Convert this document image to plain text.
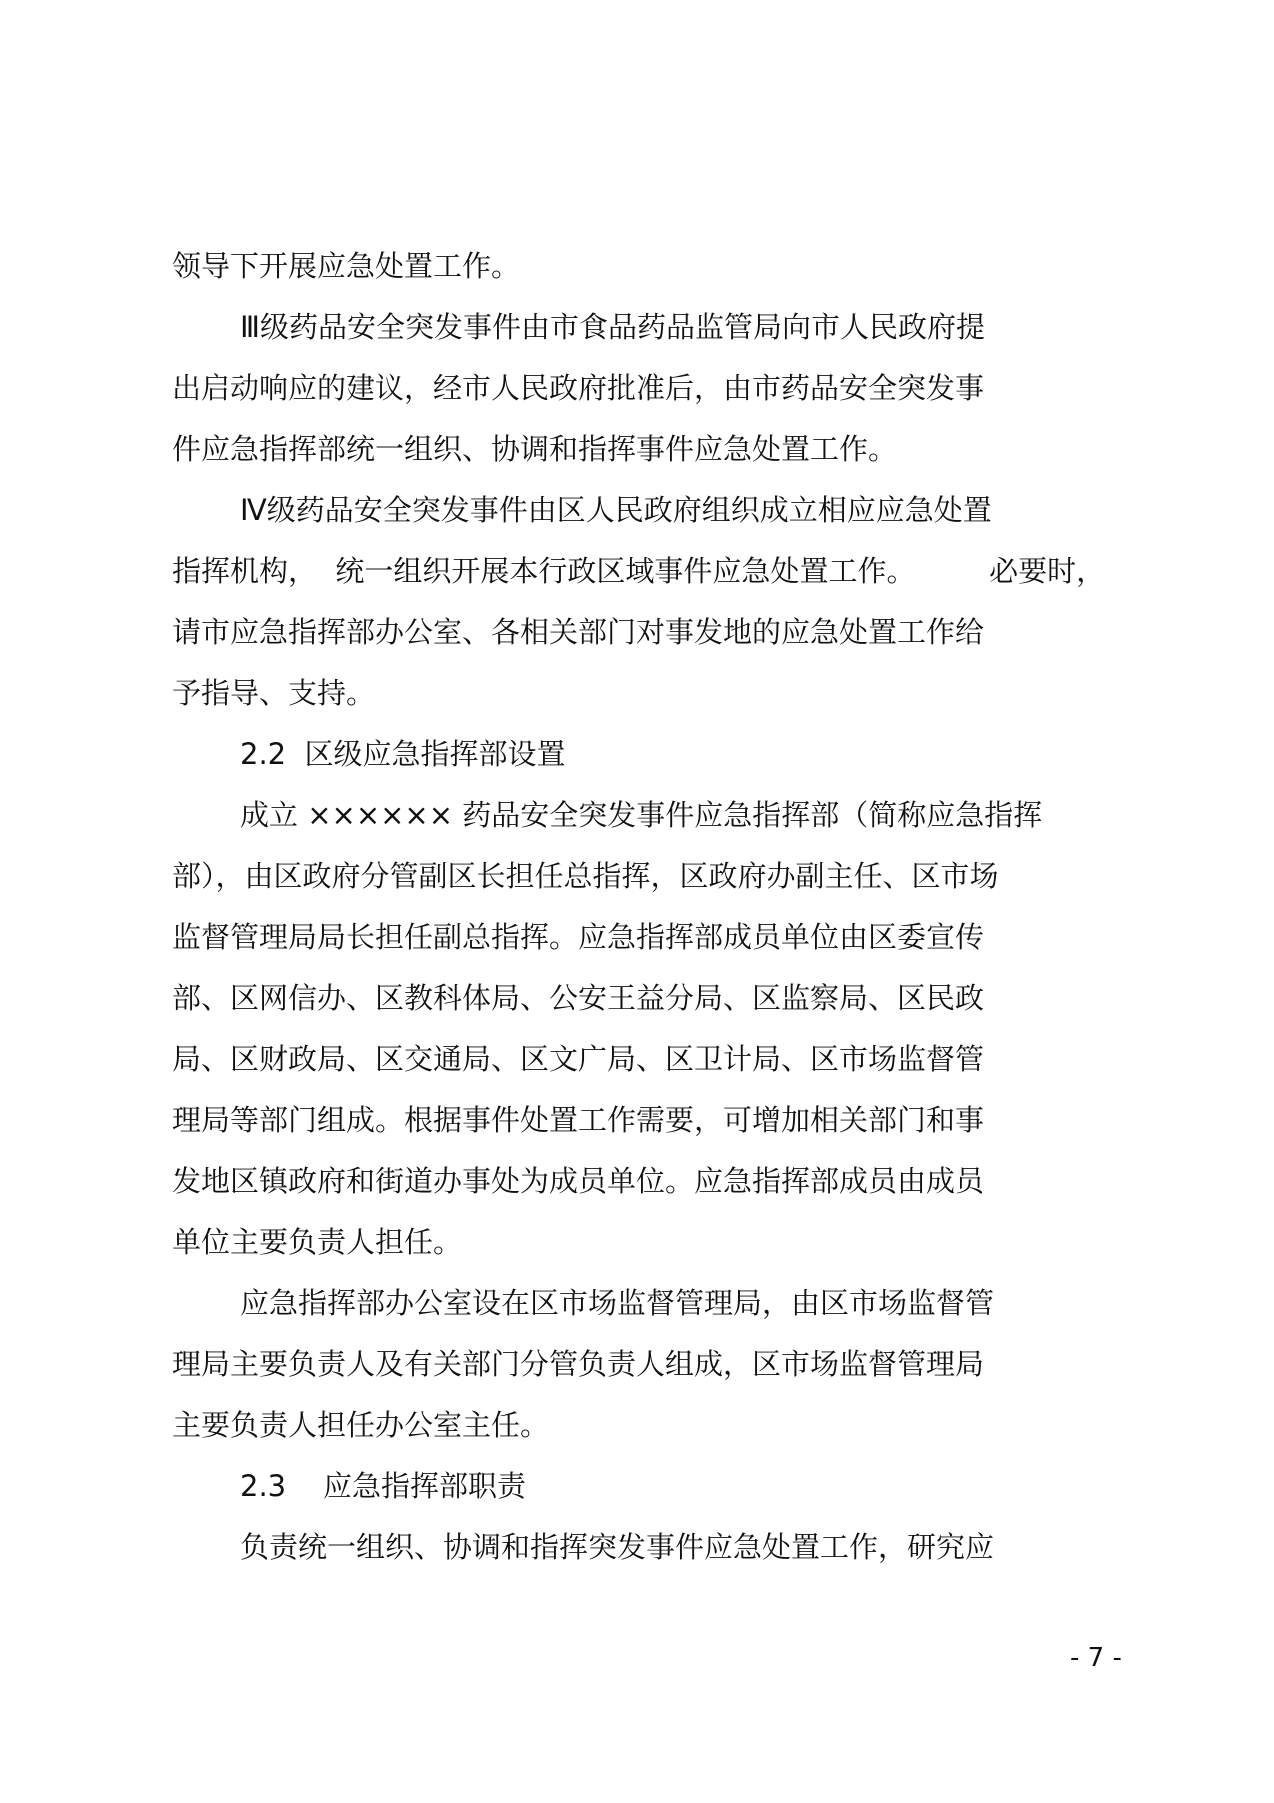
领导下开展应急处置工作。
Ⅲ级药品安全突发事件由市食品药品监管局向市人民政府提
出启动响应的建议，经市人民政府批准后，由市药品安全突发事
件应急指挥部统一组织、协调和指挥事件应急处置工作。
Ⅳ级药品安全突发事件由区人民政府组织成立相应应急处置
指挥机构，  统一组织开展本行政区域事件应急处置工作。        必要时，
请市应急指挥部办公室、各相关部门对事发地的应急处置工作给
予指导、支持。
2.2  区级应急指挥部设置
成立 ×××××× 药品安全突发事件应急指挥部（简称应急指挥
部），由区政府分管副区长担任总指挥，区政府办副主任、区市场
监督管理局局长担任副总指挥。应急指挥部成员单位由区委宣传
部、区网信办、区教科体局、公安王益分局、区监察局、区民政
局、区财政局、区交通局、区文广局、区卫计局、区市场监督管
理局等部门组成。根据事件处置工作需要，可增加相关部门和事
发地区镇政府和街道办事处为成员单位。应急指挥部成员由成员
单位主要负责人担任。
应急指挥部办公室设在区市场监督管理局，由区市场监督管
理局主要负责人及有关部门分管负责人组成，区市场监督管理局
主要负责人担任办公室主任。
2.3    应急指挥部职责
负责统一组织、协调和指挥突发事件应急处置工作，研究应
- 7 -
